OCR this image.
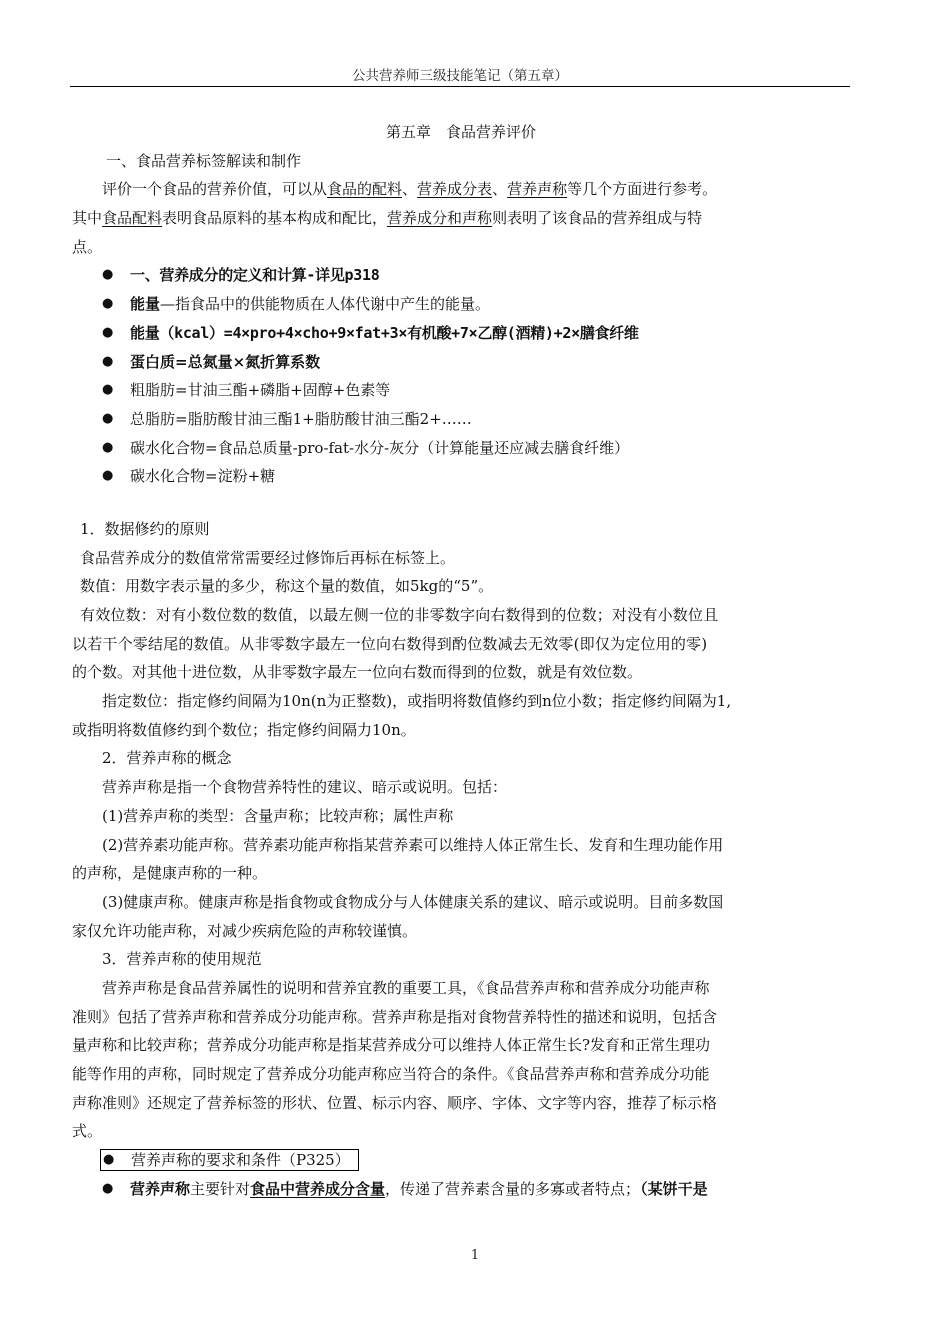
公共营养师三级技能笔记（第五章）
第五章　食品营养评价
一、食品营养标签解读和制作
评价一个食品的营养价值，可以从食品的配料、营养成分表、营养声称等几个方面进行参考。
其中食品配料表明食品原料的基本构成和配比，营养成分和声称则表明了该食品的营养组成与特
点。
● 一、营养成分的定义和计算-详见p318
● 能量—指食品中的供能物质在人体代谢中产生的能量。
● 能量（kcal）=4×pro+4×cho+9×fat+3×有机酸+7×乙醇(酒精)+2×膳食纤维
● 蛋白质=总氮量×氮折算系数
● 粗脂肪=甘油三酯+磷脂+固醇+色素等
● 总脂肪=脂肪酸甘油三酯1+脂肪酸甘油三酯2+……
● 碳水化合物=食品总质量-pro-fat-水分-灰分（计算能量还应减去膳食纤维）
● 碳水化合物=淀粉+糖
1．数据修约的原则
食品营养成分的数值常常需要经过修饰后再标在标签上。
数值：用数字表示量的多少，称这个量的数值，如5kg的“5”。
有效位数：对有小数位数的数值，以最左侧一位的非零数字向右数得到的位数；对没有小数位且
以若干个零结尾的数值。从非零数字最左一位向右数得到酌位数减去无效零(即仅为定位用的零)
的个数。对其他十进位数，从非零数字最左一位向右数而得到的位数，就是有效位数。
指定数位：指定修约间隔为10n(n为正整数)，或指明将数值修约到n位小数；指定修约间隔为1,
或指明将数值修约到个数位；指定修约间隔力10n。
2．营养声称的概念
营养声称是指一个食物营养特性的建议、暗示或说明。包括：
(1)营养声称的类型：含量声称；比较声称；属性声称
(2)营养素功能声称。营养素功能声称指某营养素可以维持人体正常生长、发育和生理功能作用
的声称，是健康声称的一种。
(3)健康声称。健康声称是指食物或食物成分与人体健康关系的建议、暗示或说明。目前多数国
家仅允许功能声称，对减少疾病危险的声称较谨慎。
3．营养声称的使用规范
营养声称是食品营养属性的说明和营养宜教的重要工具，《食品营养声称和营养成分功能声称
准则》包括了营养声称和营养成分功能声称。营养声称是指对食物营养特性的描述和说明，包括含
量声称和比较声称；营养成分功能声称是指某营养成分可以维持人体正常生长?发育和正常生理功
能等作用的声称，同时规定了营养成分功能声称应当符合的条件。《食品营养声称和营养成分功能
声称准则》还规定了营养标签的形状、位置、标示内容、顺序、字体、文字等内容，推荐了标示格
式。
● 营养声称的要求和条件（P325）
● 营养声称主要针对食品中营养成分含量，传递了营养素含量的多寡或者特点；（某饼干是
1
